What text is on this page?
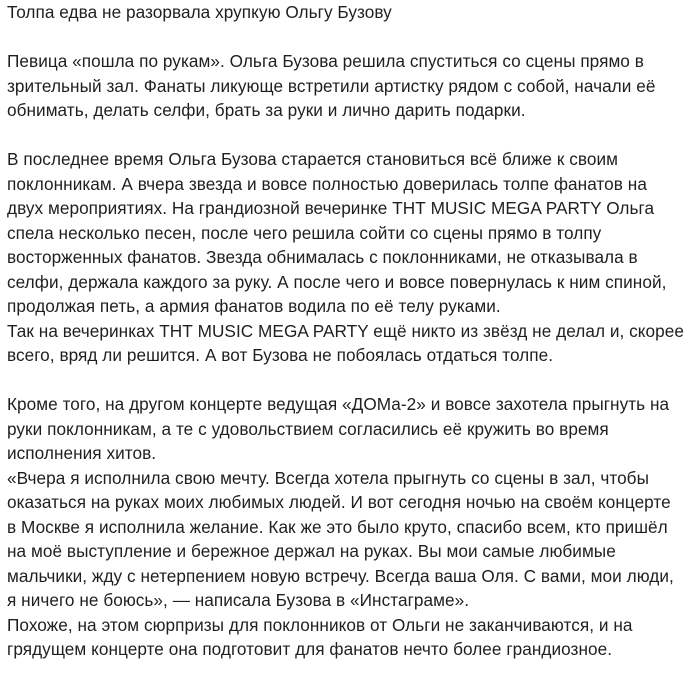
Толпа едва не разорвала хрупкую Ольгу Бузову
Певица «пошла по рукам». Ольга Бузова решила спуститься со сцены прямо в
зрительный зал. Фанаты ликующе встретили артистку рядом с собой, начали её
обнимать, делать селфи, брать за руки и лично дарить подарки.
В последнее время Ольга Бузова старается становиться всё ближе к своим
поклонникам. А вчера звезда и вовсе полностью доверилась толпе фанатов на
двух мероприятиях. На грандиозной вечеринке ТНТ MUSIC MEGA PARTY Ольга
спела несколько песен, после чего решила сойти со сцены прямо в толпу
восторженных фанатов. Звезда обнималась с поклонниками, не отказывала в
селфи, держала каждого за руку. А после чего и вовсе повернулась к ним спиной,
продолжая петь, а армия фанатов водила по её телу руками.
Так на вечеринках ТНТ MUSIC MEGA PARTY ещё никто из звёзд не делал и, скорее
всего, вряд ли решится. А вот Бузова не побоялась отдаться толпе.
Кроме того, на другом концерте ведущая «ДОМа-2» и вовсе захотела прыгнуть на
руки поклонникам, а те с удовольствием согласились её кружить во время
исполнения хитов.
«Вчера я исполнила свою мечту. Всегда хотела прыгнуть со сцены в зал, чтобы
оказаться на руках моих любимых людей. И вот сегодня ночью на своём концерте
в Москве я исполнила желание. Как же это было круто, спасибо всем, кто пришёл
на моё выступление и бережное держал на руках. Вы мои самые любимые
мальчики, жду с нетерпением новую встречу. Всегда ваша Оля. С вами, мои люди,
я ничего не боюсь», — написала Бузова в «Инстаграме».
Похоже, на этом сюрпризы для поклонников от Ольги не заканчиваются, и на
грядущем концерте она подготовит для фанатов нечто более грандиозное.
